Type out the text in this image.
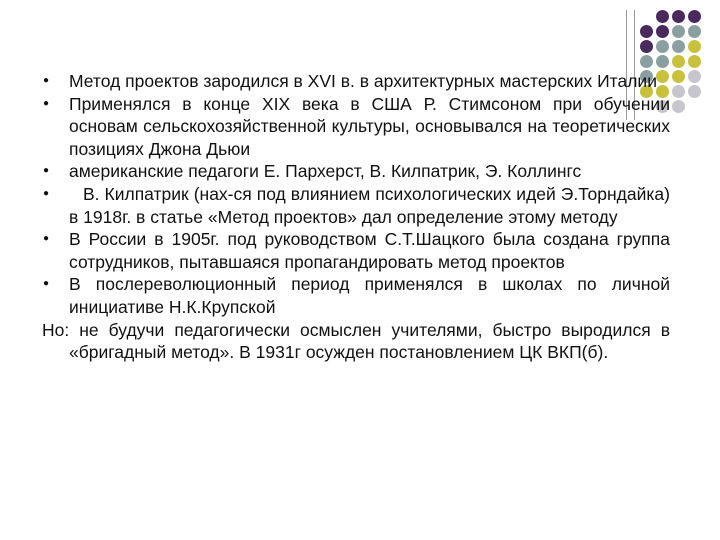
● Метод проектов зародился в XVI в. в архитектурных мастерских Италии
● Применялся в конце XIX века в США Р. Стимсоном при обучении основам сельскохозяйственной культуры, основывался на теоретических позициях Джона Дьюи
● американские педагоги Е. Пархерст, В. Килпатрик, Э. Коллингс
● В. Килпатрик (нах-ся под влиянием психологических идей Э.Торндайка) в 1918г. в статье «Метод проектов» дал определение этому методу
● В России в 1905г. под руководством С.Т.Шацкого была создана группа сотрудников, пытавшаяся пропагандировать метод проектов
● В послереволюционный период применялся в школах по личной инициативе Н.К.Крупской
Но: не будучи педагогически осмыслен учителями, быстро выродился в «бригадный метод». В 1931г осужден постановлением ЦК ВКП(б).
